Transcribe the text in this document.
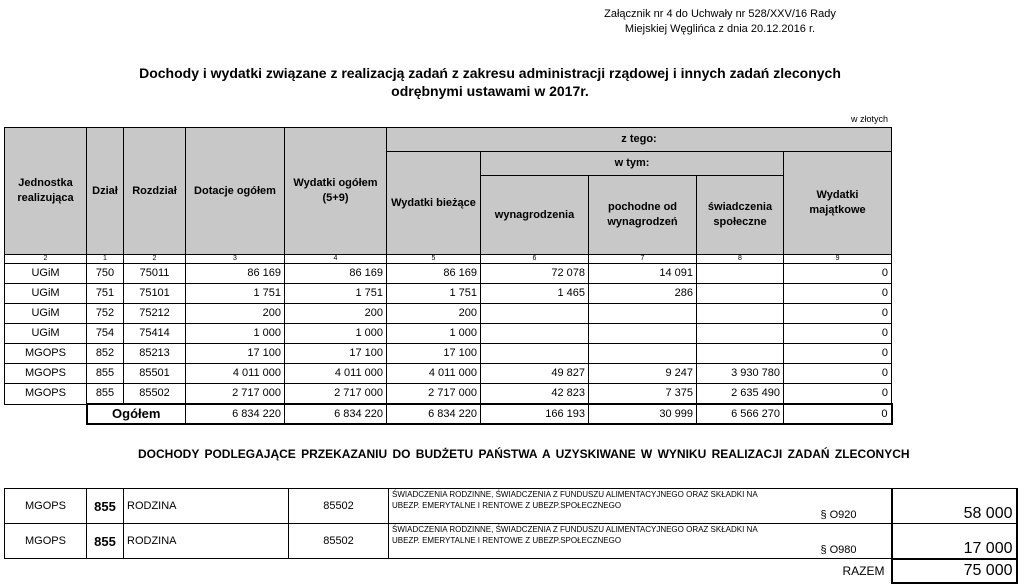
Załącznik nr 4 do Uchwały nr 528/XXV/16 Rady
Miejskiej Węglińca z dnia 20.12.2016 r.
Dochody i wydatki związane z realizacją zadań z zakresu administracji rządowej i innych zadań zleconych
odrębnymi ustawami w 2017r.
w złotych
Jednostka realizująca	Dział	Rozdział	Dotacje ogółem	Wydatki ogółem (5+9)	z tego:				
					Wydatki bieżące	w tym:			Wydatki majątkowe
						wynagrodzenia	pochodne od wynagrodzeń	świadczenia społeczne	
2	1	2	3	4	5	6	7	8	9
UGiM	750	75011	86 169	86 169	86 169	72 078	14 091		0
UGiM	751	75101	1 751	1 751	1 751	1 465	286		0
UGiM	752	75212	200	200	200				0
UGiM	754	75414	1 000	1 000	1 000				0
MGOPS	852	85213	17 100	17 100	17 100				0
MGOPS	855	85501	4 011 000	4 011 000	4 011 000	49 827	9 247	3 930 780	0
MGOPS	855	85502	2 717 000	2 717 000	2 717 000	42 823	7 375	2 635 490	0
	Ogółem		6 834 220	6 834 220	6 834 220	166 193	30 999	6 566 270	0
DOCHODY PODLEGAJĄCE PRZEKAZANIU DO BUDŻETU PAŃSTWA A UZYSKIWANE W WYNIKU REALIZACJI ZADAŃ ZLECONYCH
MGOPS	855	RODZINA	85502	ŚWIADCZENIA RODZINNE, ŚWIADCZENIA Z FUNDUSZU ALIMENTACYJNEGO ORAZ SKŁADKI NA UBEZP. EMERYTALNE I RENTOWE Z UBEZP.SPOŁECZNEGO	§ O920	58 000
MGOPS	855	RODZINA	85502	ŚWIADCZENIA RODZINNE, ŚWIADCZENIA Z FUNDUSZU ALIMENTACYJNEGO ORAZ SKŁADKI NA UBEZP. EMERYTALNE I RENTOWE Z UBEZP.SPOŁECZNEGO	§ O980	17 000
					RAZEM	75 000
